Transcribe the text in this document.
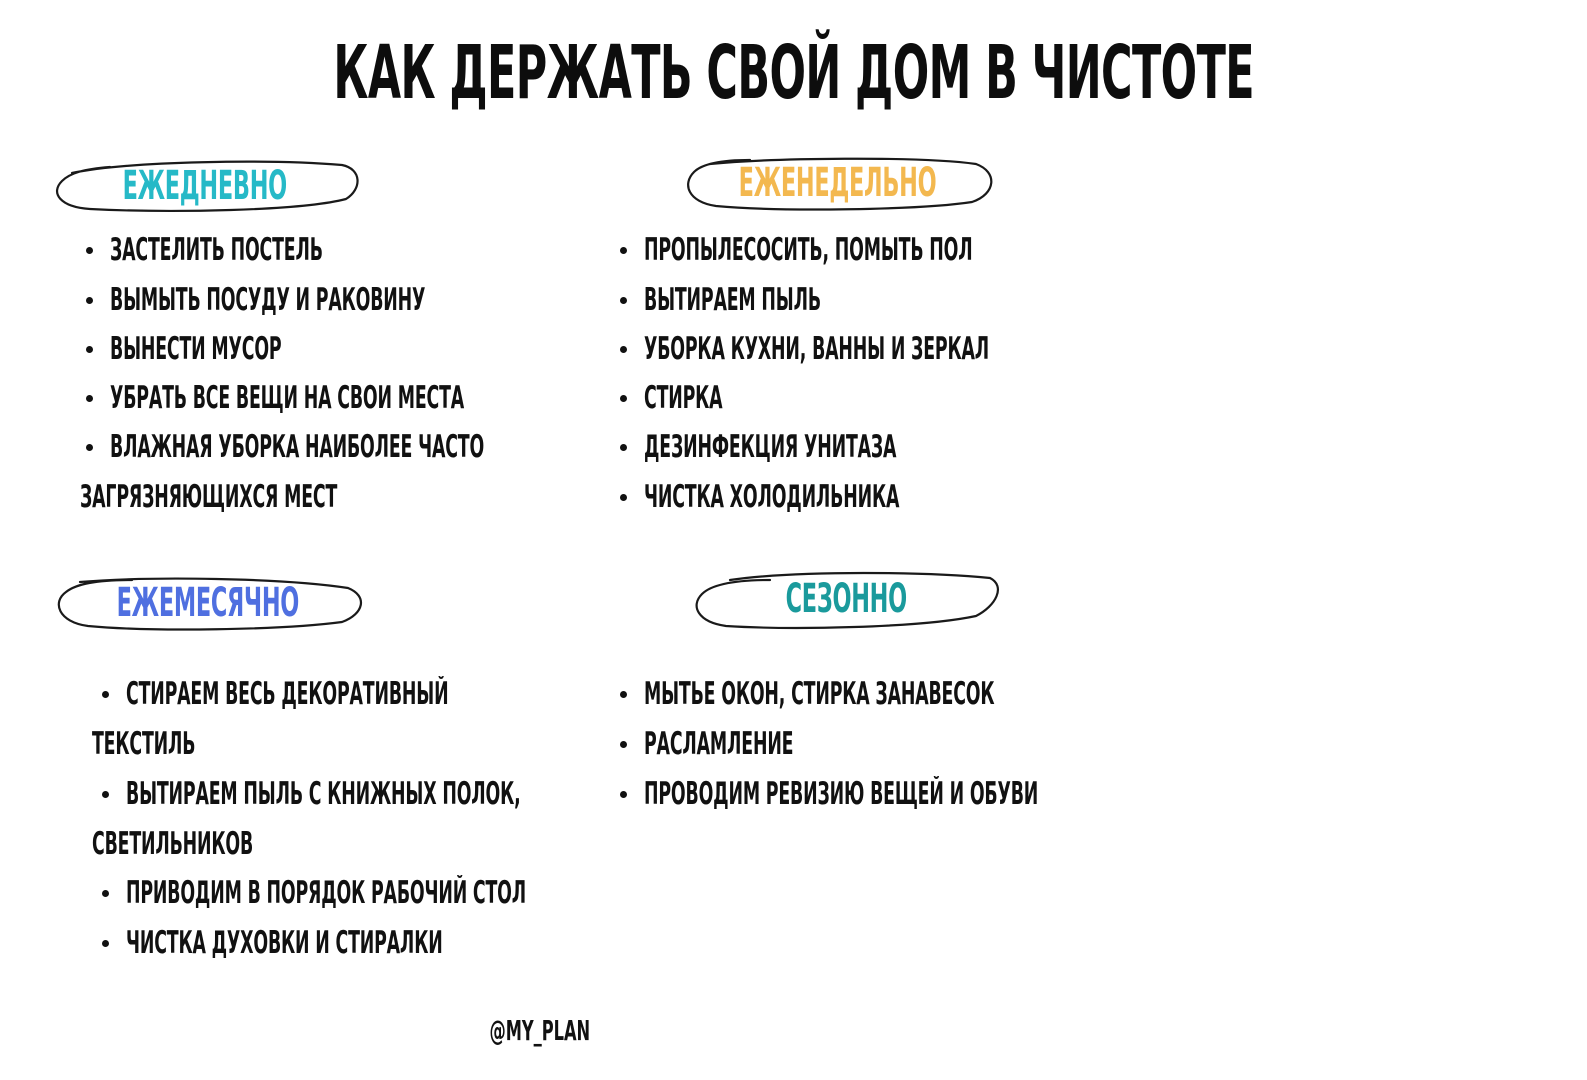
КАК ДЕРЖАТЬ СВОЙ ДОМ В ЧИСТОТЕ
ЕЖЕДНЕВНО	ЕЖЕНЕДЕЛЬНО
ЕЖЕМЕСЯЧНО	СЕЗОННО
ЗАСТЕЛИТЬ ПОСТЕЛЬ
ВЫМЫТЬ ПОСУДУ И РАКОВИНУ
ВЫНЕСТИ МУСОР
УБРАТЬ ВСЕ ВЕЩИ НА СВОИ МЕСТА
ВЛАЖНАЯ УБОРКА НАИБОЛЕЕ ЧАСТО
ЗАГРЯЗНЯЮЩИХСЯ МЕСТ
ПРОПЫЛЕСОСИТЬ, ПОМЫТЬ ПОЛ
ВЫТИРАЕМ ПЫЛЬ
УБОРКА КУХНИ, ВАННЫ И ЗЕРКАЛ
СТИРКА
ДЕЗИНФЕКЦИЯ УНИТАЗА
ЧИСТКА ХОЛОДИЛЬНИКА
СТИРАЕМ ВЕСЬ ДЕКОРАТИВНЫЙ
ТЕКСТИЛЬ
ВЫТИРАЕМ ПЫЛЬ С КНИЖНЫХ ПОЛОК,
СВЕТИЛЬНИКОВ
ПРИВОДИМ В ПОРЯДОК РАБОЧИЙ СТОЛ
ЧИСТКА ДУХОВКИ И СТИРАЛКИ
МЫТЬЕ ОКОН, СТИРКА ЗАНАВЕСОК
РАСЛАМЛЕНИЕ
ПРОВОДИМ РЕВИЗИЮ ВЕЩЕЙ И ОБУВИ
@MY_PLAN
